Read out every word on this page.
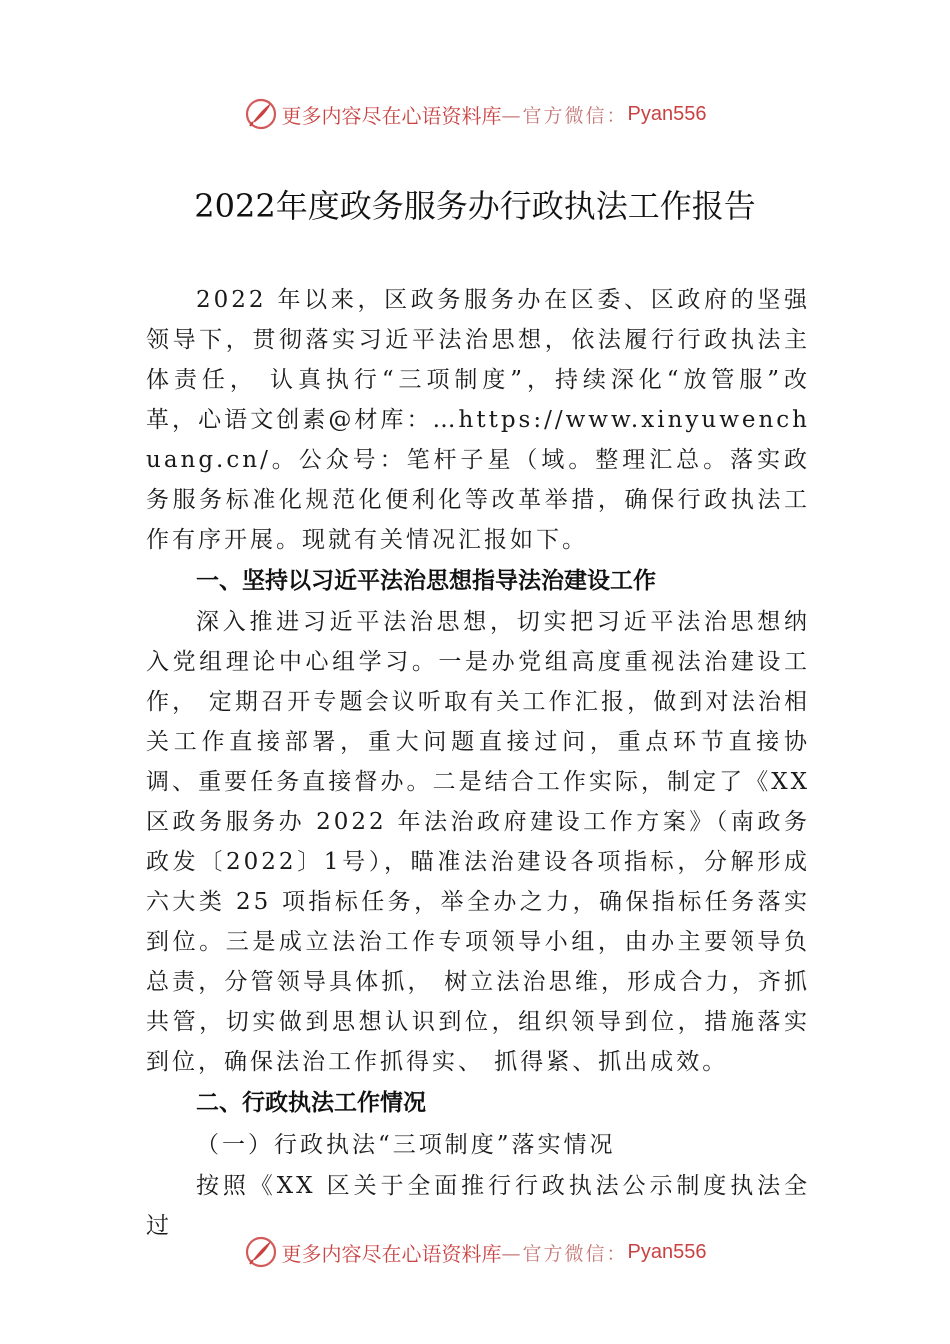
更多内容尽在心语资料库 —官方微信： Pyan556
2022年度政务服务办行政执法工作报告

2022 年以来，区政务服务办在区委、区政府的坚强领导下，贯彻落实习近平法治思想，依法履行行政执法主体责任， 认真执行“三项制度”，持续深化“放管服”改革，心语文创素@材库：…https://www.xinyuwenchuang.cn/。公众号：笔杆子星（域。整理汇总。落实政务服务标准化规范化便利化等改革举措，确保行政执法工作有序开展。现就有关情况汇报如下。

一、坚持以习近平法治思想指导法治建设工作

深入推进习近平法治思想，切实把习近平法治思想纳入党组理论中心组学习。一是办党组高度重视法治建设工作， 定期召开专题会议听取有关工作汇报，做到对法治相关工作直接部署，重大问题直接过问，重点环节直接协调、重要任务直接督办。二是结合工作实际，制定了《XX 区政务服务办 2022 年法治政府建设工作方案》（南政务政发〔2022〕1号），瞄准法治建设各项指标，分解形成六大类 25 项指标任务，举全办之力，确保指标任务落实到位。三是成立法治工作专项领导小组，由办主要领导负总责，分管领导具体抓， 树立法治思维，形成合力，齐抓共管，切实做到思想认识到位，组织领导到位，措施落实到位，确保法治工作抓得实、 抓得紧、抓出成效。

二、行政执法工作情况

（一）行政执法“三项制度”落实情况

按照《XX 区关于全面推行行政执法公示制度执法全过

更多内容尽在心语资料库 —官方微信： Pyan556
